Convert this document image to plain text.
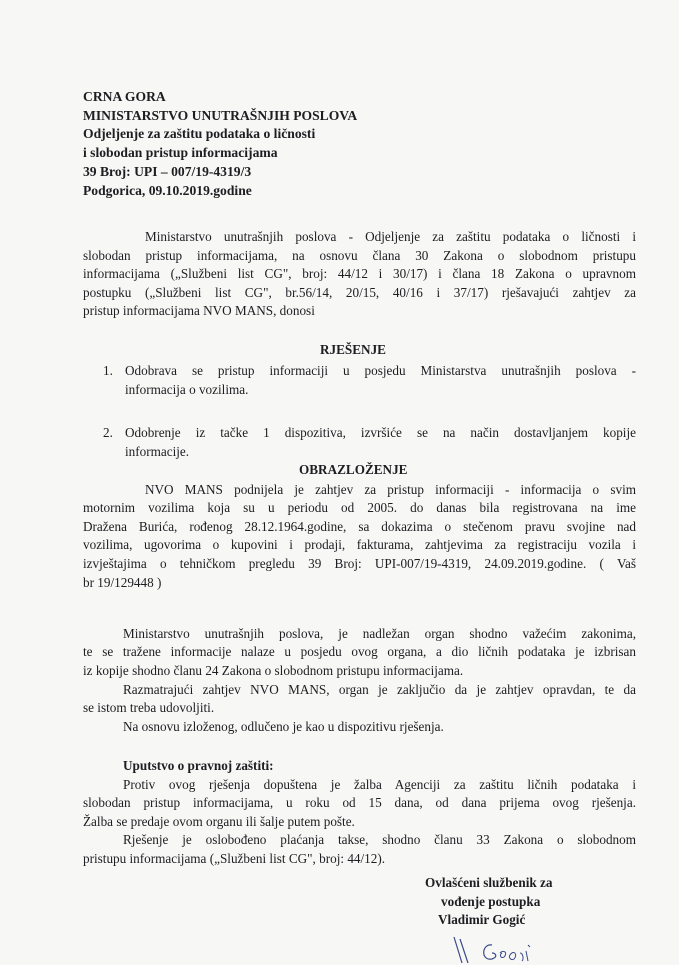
CRNA GORA
MINISTARSTVO UNUTRAŠNJIH POSLOVA
Odjeljenje za zaštitu podataka o ličnosti
i slobodan pristup informacijama
39 Broj: UPI – 007/19-4319/3
Podgorica, 09.10.2019.godine
Ministarstvo unutrašnjih poslova - Odjeljenje za zaštitu podataka o ličnosti i
slobodan pristup informacijama, na osnovu člana 30 Zakona o slobodnom pristupu
informacijama („Službeni list CG", broj: 44/12 i 30/17) i člana 18 Zakona o upravnom
postupku („Službeni list CG", br.56/14, 20/15, 40/16 i 37/17) rješavajući zahtjev za
pristup informacijama NVO MANS, donosi
RJEŠENJE
1. Odobrava se pristup informaciji u posjedu Ministarstva unutrašnjih poslova -
informacija o vozilima.
2. Odobrenje iz tačke 1 dispozitiva, izvršiće se na način dostavljanjem kopije
informacije.
OBRAZLOŽENJE
NVO MANS podnijela je zahtjev za pristup informaciji - informacija o svim
motornim vozilima koja su u periodu od 2005. do danas bila registrovana na ime
Dražena Burića, rođenog 28.12.1964.godine, sa dokazima o stečenom pravu svojine nad
vozilima, ugovorima o kupovini i prodaji, fakturama, zahtjevima za registraciju vozila i
izvještajima o tehničkom pregledu 39 Broj: UPI-007/19-4319, 24.09.2019.godine. ( Vaš
br 19/129448 )
Ministarstvo unutrašnjih poslova, je nadležan organ shodno važećim zakonima,
te se tražene informacije nalaze u posjedu ovog organa, a dio ličnih podataka je izbrisan
iz kopije shodno članu 24 Zakona o slobodnom pristupu informacijama.
Razmatrajući zahtjev NVO MANS, organ je zaključio da je zahtjev opravdan, te da
se istom treba udovoljiti.
Na osnovu izloženog, odlučeno je kao u dispozitivu rješenja.
Uputstvo o pravnoj zaštiti:
Protiv ovog rješenja dopuštena je žalba Agenciji za zaštitu ličnih podataka i
slobodan pristup informacijama, u roku od 15 dana, od dana prijema ovog rješenja.
Žalba se predaje ovom organu ili šalje putem pošte.
Rješenje je oslobođeno plaćanja takse, shodno članu 33 Zakona o slobodnom
pristupu informacijama („Službeni list CG", broj: 44/12).
Ovlašćeni službenik za
vođenje postupka
Vladimir Gogić
